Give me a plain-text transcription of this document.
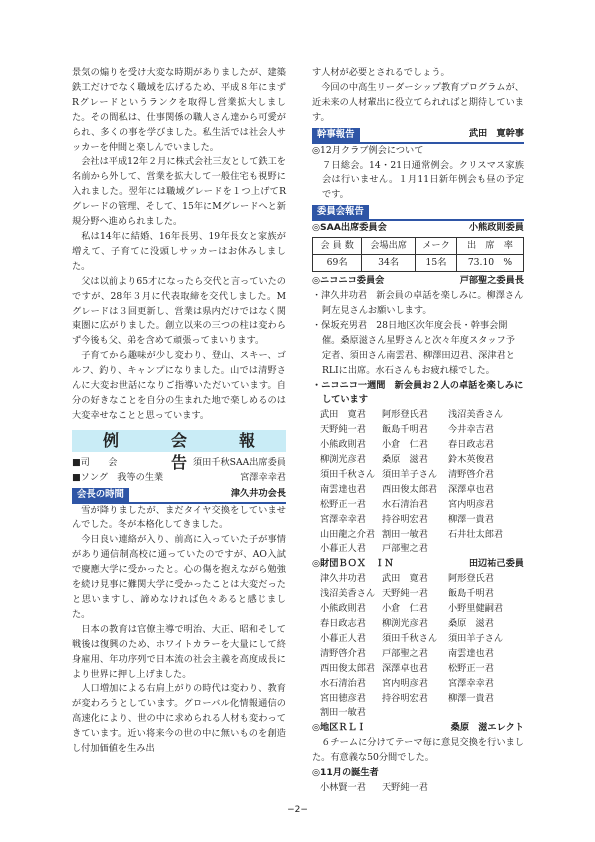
景気の煽りを受け大変な時期がありましたが、建築鉄工だけでなく職域を広げるため、平成８年にまずRグレードというランクを取得し営業拡大しました。その間私は、仕事関係の職人さん達から可愛がられ、多くの事を学びました。私生活では社会人サッカーを仲間と楽しんでいました。

会社は平成12年２月に株式会社三友として鉄工を名前から外して、営業を拡大して一般住宅も視野に入れました。翌年には職域グレードを１つ上げてRグレードの管理、そして、15年にMグレードへと新規分野へ進められました。

私は14年に結婚、16年長男、19年長女と家族が増えて、子育てに没頭しサッカーはお休みしました。

父は以前より65才になったら交代と言っていたのですが、28年３月に代表取締を交代しました。Mグレードは３回更新し、営業は県内だけではなく関東圏に広がりました。創立以来の三つの柱は変わらず今後も父、弟を含めて頑張ってまいります。

子育てから趣味が少し変わり、登山、スキー、ゴルフ、釣り、キャンプになりました。山では清野さんに大変お世話になりご指導いただいています。自分の好きなことを自分の生まれた地で楽しめるのは大変幸せなことと思っています。

例　会　報　告
■司　　会	須田千秋SAA出席委員
■ソング　我等の生業	宮澤幸幸君
会長の時間	津久井功会長

雪が降りましたが、まだタイヤ交換をしていませんでした。冬が本格化してきました。

今日良い連絡が入り、前高に入っていた子が事情があり通信制高校に通っていたのですが、AO入試で慶應大学に受かったと。心の傷を抱えながら勉強を続け見事に難関大学に受かったことは大変だったと思いますし、諦めなければ色々あると感じました。

日本の教育は官僚主導で明治、大正、昭和そして戦後は復興のため、ホワイトカラーを大量にして終身雇用、年功序列で日本流の社会主義を高度成長により世界に押し上げました。

人口増加による右肩上がりの時代は変わり、教育が変わろうとしています。グローバル化情報通信の高速化により、世の中に求められる人材も変わってきています。近い将来今の世の中に無いものを創造し付加価値を生み出

す人材が必要とされるでしょう。

今回の中高生リーダーシップ教育プログラムが、近未来の人材輩出に役立てられればと期待しています。

幹事報告	武田　寛幹事
◎12月クラブ例会について

７日総会。14・21日通常例会。クリスマス家族会は行いません。１月11日新年例会も昼の予定です。

委員会報告
◎SAA出席委員会	小熊政則委員
会 員 数	会場出席	メーク	出　席　率
69名	34名	15名	73.10　%
◎ニコニコ委員会	戸部聖之委員長
・津久井功君　新会員の卓話を楽しみに。柳澤さん阿左見さんお願いします。
・保坂充男君　28日地区次年度会長・幹事会開催。桑原滋さん星野さんと次々年度スタッフ予定者、須田さん南雲君、柳澤田辺君、深津君とRLIに出席。水石さんもお疲れ様でした。
・ニコニコ一週間　新会員お２人の卓話を楽しみにしています
武田　寛君	阿形登氏君	浅沼美香さん
天野純一君	飯島千明君	今井幸吉君
小熊政則君	小倉　仁君	春日政志君
柳渕光彦君	桑原　滋君	鈴木英俊君
須田千秋さん 須田羊子さん	清野啓介君
南雲達也君	西田俊太郎君	深澤卓也君
松野正一君	水石清治君	宮内明彦君
宮澤幸幸君	持谷明宏君	柳澤一貴君
山田龍之介君 割田一敏君	石井壮太郎君
小暮正人君	戸部聖之君
◎財団ＢＯＸ　ＩＮ	田辺祐己委員
津久井功君	武田　寛君	阿形登氏君
浅沼美香さん 天野純一君	飯島千明君
小熊政則君	小倉　仁君	小野里健嗣君
春日政志君	柳渕光彦君	桑原　滋君
小暮正人君	須田千秋さん	須田羊子さん
清野啓介君	戸部聖之君	南雲達也君
西田俊太郎君 深澤卓也君	松野正一君
水石清治君	宮内明彦君	宮澤幸幸君
宮田徳彦君	持谷明宏君	柳澤一貴君
割田一敏君
◎地区ＲＬＩ	桑原　滋エレクト

６チームに分けてテーマ毎に意見交換を行いました。有意義な50分間でした。

◎11月の誕生者
小林賢一君	天野純一君
−2−
